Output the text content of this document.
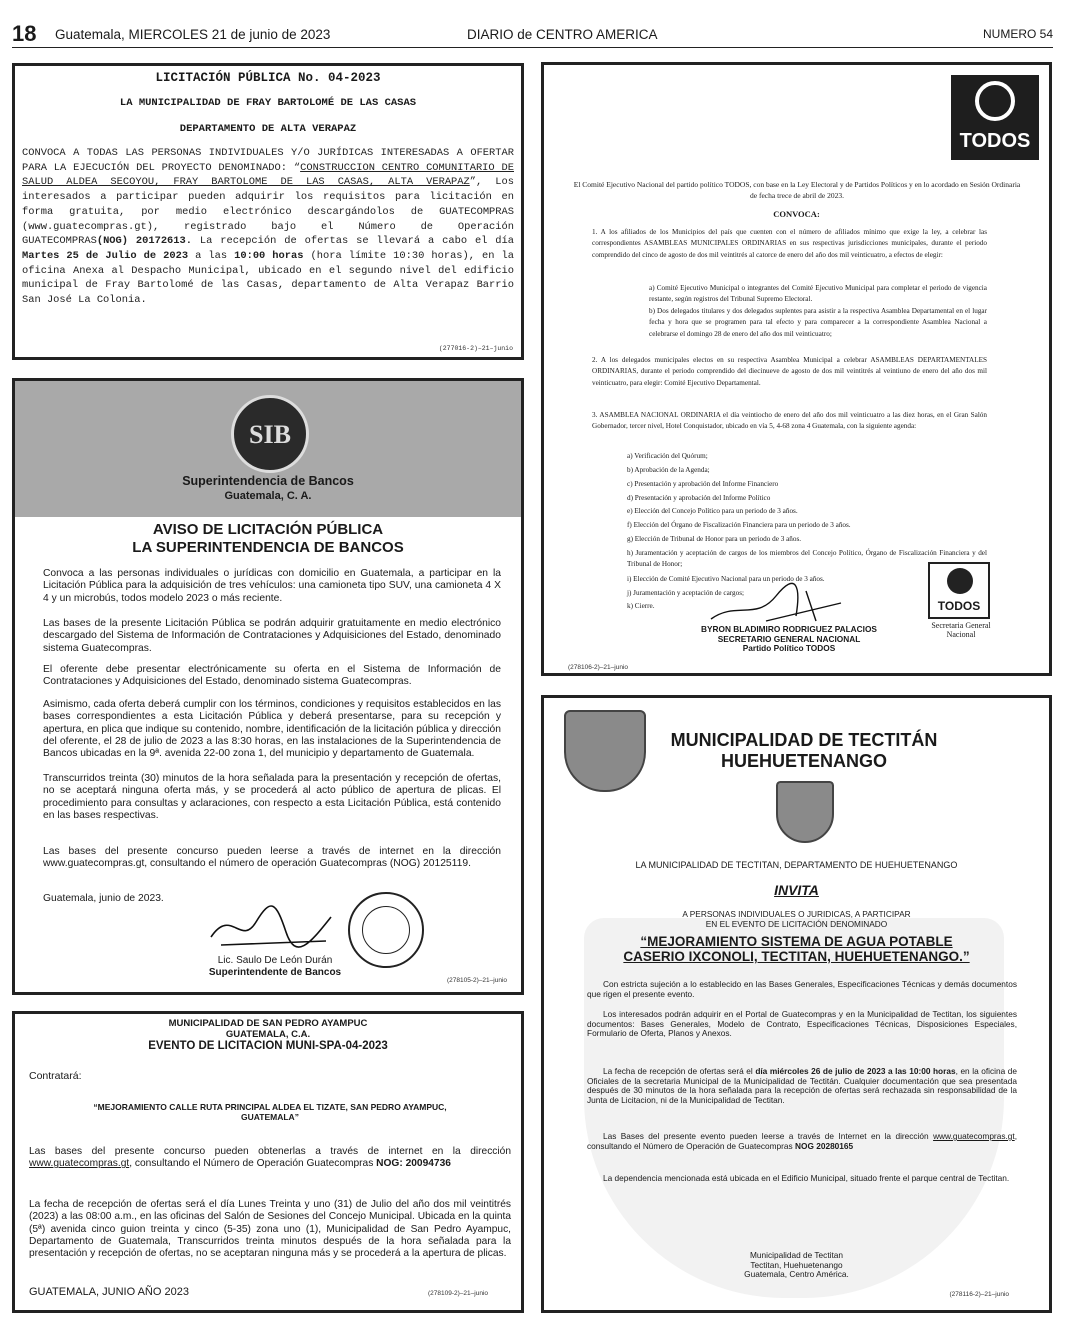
18 Guatemala, MIERCOLES 21 de junio de 2023	DIARIO de CENTRO AMERICA	NUMERO 54
LICITACIÓN PÚBLICA No. 04-2023
LA MUNICIPALIDAD DE FRAY BARTOLOMÉ DE LAS CASAS
DEPARTAMENTO DE ALTA VERAPAZ
CONVOCA A TODAS LAS PERSONAS INDIVIDUALES Y/O JURÍDICAS INTERESADAS A OFERTAR PARA LA EJECUCIÓN DEL PROYECTO DENOMINADO: “CONSTRUCCION CENTRO COMUNITARIO DE SALUD ALDEA SECOYOU, FRAY BARTOLOME DE LAS CASAS, ALTA VERAPAZ”, Los interesados a participar pueden adquirir los requisitos para licitación en forma gratuita, por medio electrónico descargándolos de GUATECOMPRAS (www.guatecompras.gt), registrado bajo el Número de Operación GUATECOMPRAS(NOG) 20172613. La recepción de ofertas se llevará a cabo el día Martes 25 de Julio de 2023 a las 10:00 horas (hora límite 10:30 horas), en la oficina Anexa al Despacho Municipal, ubicado en el segundo nivel del edificio municipal de Fray Bartolomé de las Casas, departamento de Alta Verapaz Barrio San José La Colonia.
(277016-2)–21–junio
SIB
Superintendencia de Bancos
Guatemala, C. A.
AVISO DE LICITACIÓN PÚBLICA
LA SUPERINTENDENCIA DE BANCOS
Convoca a las personas individuales o jurídicas con domicilio en Guatemala, a participar en la Licitación Pública para la adquisición de tres vehículos: una camioneta tipo SUV, una camioneta 4 X 4 y un microbús, todos modelo 2023 o más reciente.
Las bases de la presente Licitación Pública se podrán adquirir gratuitamente en medio electrónico descargado del Sistema de Información de Contrataciones y Adquisiciones del Estado, denominado sistema Guatecompras.
El oferente debe presentar electrónicamente su oferta en el Sistema de Información de Contrataciones y Adquisiciones del Estado, denominado sistema Guatecompras.
Asimismo, cada oferta deberá cumplir con los términos, condiciones y requisitos establecidos en las bases correspondientes a esta Licitación Pública y deberá presentarse, para su recepción y apertura, en plica que indique su contenido, nombre, identificación de la licitación pública y dirección del oferente, el 28 de julio de 2023 a las 8:30 horas, en las instalaciones de la Superintendencia de Bancos ubicadas en la 9ª. avenida 22-00 zona 1, del municipio y departamento de Guatemala.
Transcurridos treinta (30) minutos de la hora señalada para la presentación y recepción de ofertas, no se aceptará ninguna oferta más, y se procederá al acto público de apertura de plicas. El procedimiento para consultas y aclaraciones, con respecto a esta Licitación Pública, está contenido en las bases respectivas.
Las bases del presente concurso pueden leerse a través de internet en la dirección www.guatecompras.gt, consultando el número de operación Guatecompras (NOG) 20125119.
Guatemala, junio de 2023.
Lic. Saulo De León Durán
Superintendente de Bancos
(278105-2)–21–junio
MUNICIPALIDAD DE SAN PEDRO AYAMPUC
GUATEMALA, C.A.
EVENTO DE LICITACION MUNI-SPA-04-2023
Contratará:
“MEJORAMIENTO CALLE RUTA PRINCIPAL ALDEA EL TIZATE, SAN PEDRO AYAMPUC, GUATEMALA”
Las bases del presente concurso pueden obtenerlas a través de internet en la dirección www.guatecompras.gt, consultando el Número de Operación Guatecompras NOG: 20094736
La fecha de recepción de ofertas será el día Lunes Treinta y uno (31) de Julio del año dos mil veintitrés (2023) a las 08:00 a.m., en las oficinas del Salón de Sesiones del Concejo Municipal. Ubicada en la quinta (5ª) avenida cinco guion treinta y cinco (5-35) zona uno (1), Municipalidad de San Pedro Ayampuc, Departamento de Guatemala, Transcurridos treinta minutos después de la hora señalada para la presentación y recepción de ofertas, no se aceptaran ninguna más y se procederá a la apertura de plicas.
GUATEMALA, JUNIO AÑO 2023	(278109-2)–21–junio
TODOS
El Comité Ejecutivo Nacional del partido político TODOS, con base en la Ley Electoral y de Partidos Políticos y en lo acordado en Sesión Ordinaria de fecha trece de abril de 2023.
CONVOCA:
1. A los afiliados de los Municipios del país que cuenten con el número de afiliados mínimo que exige la ley, a celebrar las correspondientes ASAMBLEAS MUNICIPALES ORDINARIAS en sus respectivas jurisdicciones municipales, durante el periodo comprendido del cinco de agosto de dos mil veintitrés al catorce de enero del año dos mil veinticuatro, a efectos de elegir:
a) Comité Ejecutivo Municipal o integrantes del Comité Ejecutivo Municipal para completar el periodo de vigencia restante, según registros del Tribunal Supremo Electoral.
b) Dos delegados titulares y dos delegados suplentes para asistir a la respectiva Asamblea Departamental en el lugar fecha y hora que se programen para tal efecto y para comparecer a la correspondiente Asamblea Nacional a celebrarse el domingo 28 de enero del año dos mil veinticuatro;
2. A los delegados municipales electos en su respectiva Asamblea Municipal a celebrar ASAMBLEAS DEPARTAMENTALES ORDINARIAS, durante el periodo comprendido del diecinueve de agosto de dos mil veintitrés al veintiuno de enero del año dos mil veinticuatro, para elegir: Comité Ejecutivo Departamental.
3. ASAMBLEA NACIONAL ORDINARIA el día veintiocho de enero del año dos mil veinticuatro a las diez horas, en el Gran Salón Gobernador, tercer nivel, Hotel Conquistador, ubicado en vía 5, 4-68 zona 4 Guatemala, con la siguiente agenda:
a) Verificación del Quórum;
b) Aprobación de la Agenda;
c) Presentación y aprobación del Informe Financiero
d) Presentación y aprobación del Informe Político
e) Elección del Concejo Político para un periodo de 3 años.
f) Elección del Órgano de Fiscalización Financiera para un periodo de 3 años.
g) Elección de Tribunal de Honor para un periodo de 3 años.
h) Juramentación y aceptación de cargos de los miembros del Concejo Político, Órgano de Fiscalización Financiera y del Tribunal de Honor;
i) Elección de Comité Ejecutivo Nacional para un periodo de 3 años.
j) Juramentación y aceptación de cargos;
k) Cierre.	TODOS
BYRON BLADIMIRO RODRIGUEZ PALACIOS
SECRETARIO GENERAL NACIONAL
Partido Político TODOS
Secretaria General Nacional
(278106-2)–21–junio
MUNICIPALIDAD DE TECTITÁN
HUEHUETENANGO
LA MUNICIPALIDAD DE TECTITAN, DEPARTAMENTO DE HUEHUETENANGO
INVITA
A PERSONAS INDIVIDUALES O JURIDICAS, A PARTICIPAR
EN EL EVENTO DE LICITACIÓN DENOMINADO
“MEJORAMIENTO SISTEMA DE AGUA POTABLE
CASERIO IXCONOLI, TECTITAN, HUEHUETENANGO.”
Con estricta sujeción a lo establecido en las Bases Generales, Especificaciones Técnicas y demás documentos que rigen el presente evento.
Los interesados podrán adquirir en el Portal de Guatecompras y en la Municipalidad de Tectitan, los siguientes documentos: Bases Generales, Modelo de Contrato, Especificaciones Técnicas, Disposiciones Especiales, Formulario de Oferta, Planos y Anexos.
La fecha de recepción de ofertas será el día miércoles 26 de julio de 2023 a las 10:00 horas, en la oficina de Oficiales de la secretaria Municipal de la Municipalidad de Tectitán. Cualquier documentación que sea presentada después de 30 minutos de la hora señalada para la recepción de ofertas será rechazada sin responsabilidad de la Junta de Licitacion, ni de la Municipalidad de Tectitan.
Las Bases del presente evento pueden leerse a través de Internet en la dirección www.guatecompras.gt, consultando el Número de Operación de Guatecompras NOG 20280165
La dependencia mencionada está ubicada en el Edificio Municipal, situado frente el parque central de Tectitan.
Municipalidad de Tectitan
Tectitan, Huehuetenango
Guatemala, Centro América.
(278116-2)–21–junio
